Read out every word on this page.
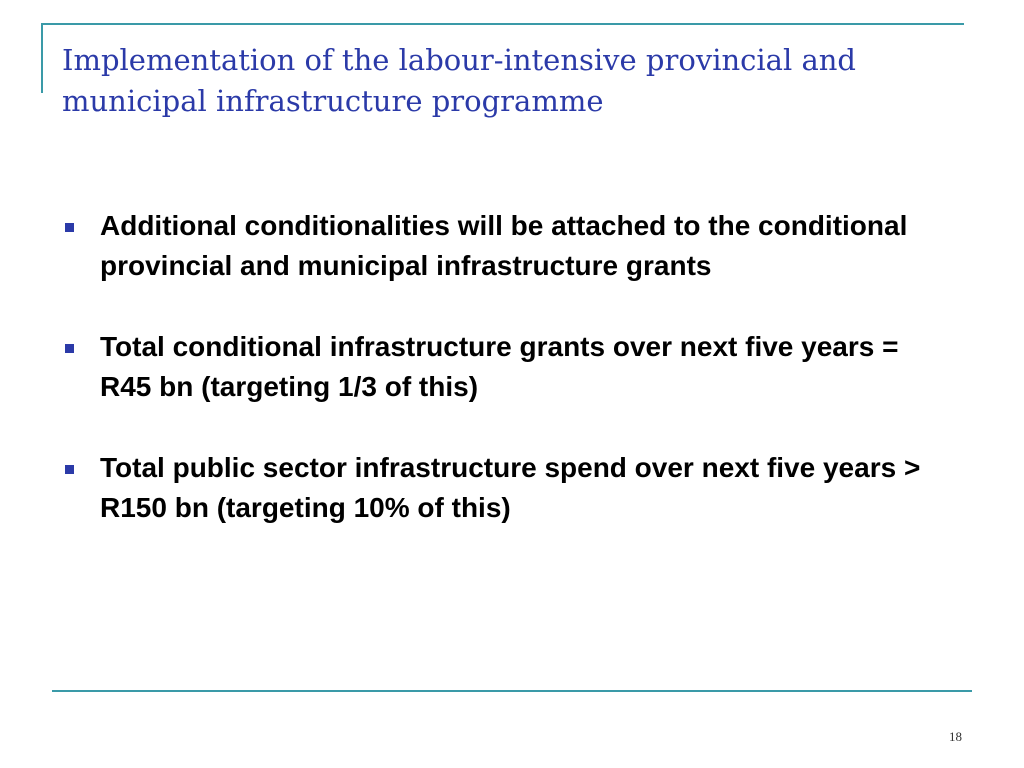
Implementation of the labour-intensive provincial and municipal infrastructure programme
Additional conditionalities will be attached to the conditional provincial and municipal infrastructure grants
Total conditional infrastructure grants over next five years = R45 bn (targeting 1/3 of this)
Total public sector infrastructure spend over next five years > R150 bn (targeting 10% of this)
18
